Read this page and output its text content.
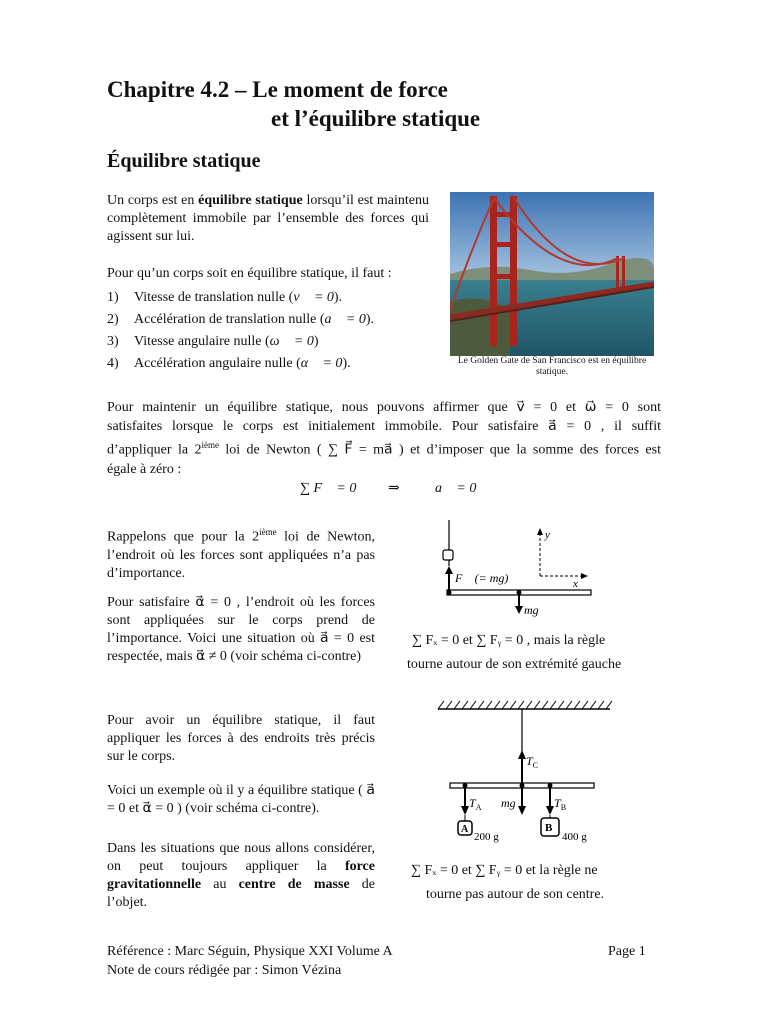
Chapitre 4.2 – Le moment de force
et l’équilibre statique
Équilibre statique
Un corps est en équilibre statique lorsqu’il est maintenu complètement immobile par l’ensemble des forces qui agissent sur lui.
Pour qu’un corps soit en équilibre statique, il faut :
1) Vitesse de translation nulle (v⃗ = 0).
2) Accélération de translation nulle (a⃗ = 0).
3) Vitesse angulaire nulle (ω⃗ = 0)
4) Accélération angulaire nulle (α⃗ = 0).	Le Golden Gate de San Francisco est en équilibre statique.
Pour maintenir un équilibre statique, nous pouvons affirmer que v⃗ = 0 et ω⃗ = 0 sont
satisfaites lorsque le corps est initialement immobile. Pour satisfaire a⃗ = 0 , il suffit
d’appliquer la 2ième loi de Newton ( ∑ F⃗ = ma⃗ ) et d’imposer que la somme des forces est
égale à zéro :
∑ F⃗ = 0 ⇒	a⃗ = 0
Rappelons que pour la 2ième loi de Newton, l’endroit où les forces sont appliquées n’a pas d’importance.
Pour satisfaire α⃗ = 0 , l’endroit où les forces sont appliquées sur le corps prend de l’importance. Voici une situation où a⃗ = 0 est respectée, mais α⃗ ≠ 0 (voir schéma ci-contre)
F⃗ (= mg)
mg
y
x
∑ Fₓ = 0 et ∑ Fᵧ = 0 , mais la règle
tourne autour de son extrémité gauche
Pour avoir un équilibre statique, il faut appliquer les forces à des endroits très précis sur le corps.
Voici un exemple où il y a équilibre statique ( a⃗ = 0 et α⃗ = 0 ) (voir schéma ci-contre).
Dans les situations que nous allons considérer, on peut toujours appliquer la force gravitationnelle au centre de masse de l’objet.
$T_C$
$T_A$ mg	$T_B$
A
200 g
B
400 g
∑ Fₓ = 0 et ∑ Fᵧ = 0 et la règle ne
tourne pas autour de son centre.
Référence : Marc Séguin, Physique XXI Volume A	Page 1
Note de cours rédigée par : Simon Vézina
